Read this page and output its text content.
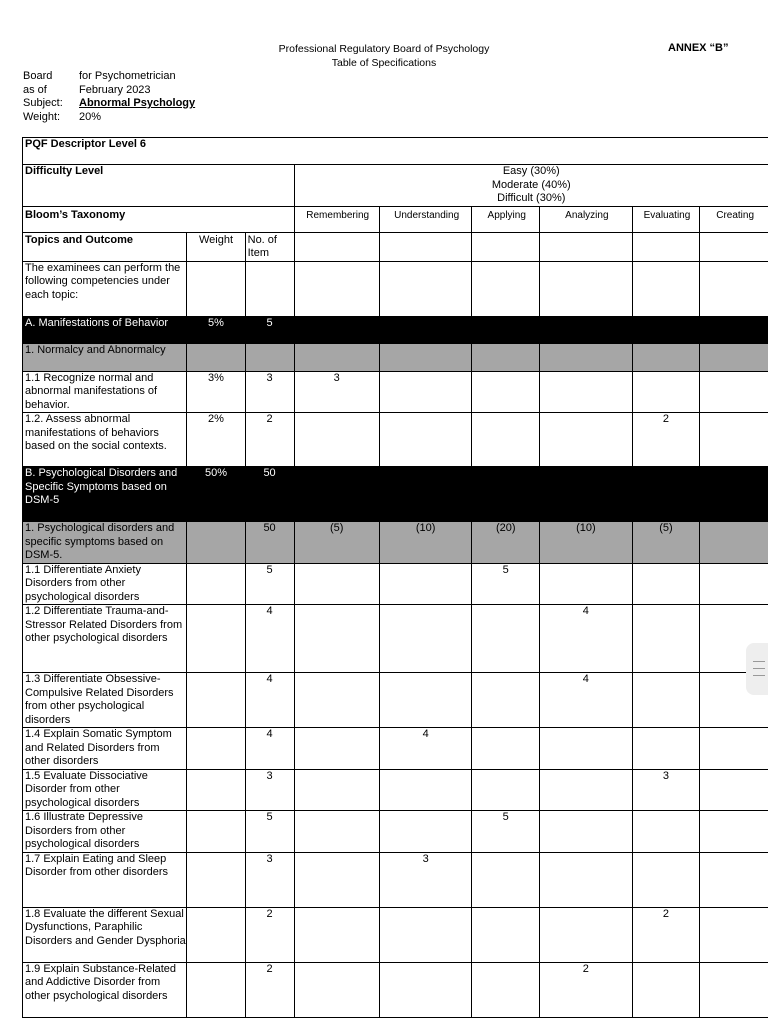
Professional Regulatory Board of Psychology
Table of Specifications
ANNEX “B”
Board	for Psychometrician
as of	February 2023
Subject:	Abnormal Psychology
Weight:	20%
PQF Descriptor Level 6								
Difficulty Level			Easy (30%)
Moderate (40%)
Difficult (30%)					

Bloom’s Taxonomy			Remembering	Understanding	Applying	Analyzing	Evaluating	Creating
Topics and Outcome	Weight	No. of Item						
The examinees can perform the following competencies under each topic:								
A. Manifestations of Behavior	5%	5						
1. Normalcy and Abnormalcy								
1.1 Recognize normal and abnormal manifestations of behavior.	3%	3	3					
1.2. Assess abnormal manifestations of behaviors based on the social contexts.	2%	2					2	
B. Psychological Disorders and Specific Symptoms based on DSM-5	50%	50						
1. Psychological disorders and specific symptoms based on DSM-5.		50	(5)	(10)	(20)	(10)	(5)	
1.1 Differentiate Anxiety Disorders from other psychological disorders		5			5			
1.2 Differentiate Trauma-and-Stressor Related Disorders from other psychological disorders		4				4		
1.3 Differentiate Obsessive-Compulsive Related Disorders from other psychological disorders		4				4		
1.4 Explain Somatic Symptom and Related Disorders from other disorders		4		4				
1.5 Evaluate Dissociative Disorder from other psychological disorders		3					3	
1.6 Illustrate Depressive Disorders from other psychological disorders		5			5			
1.7 Explain Eating and Sleep Disorder from other disorders		3		3				
1.8 Evaluate the different Sexual Dysfunctions, Paraphilic Disorders and Gender Dysphoria		2					2	
1.9 Explain Substance-Related and Addictive Disorder from other psychological disorders		2				2		
